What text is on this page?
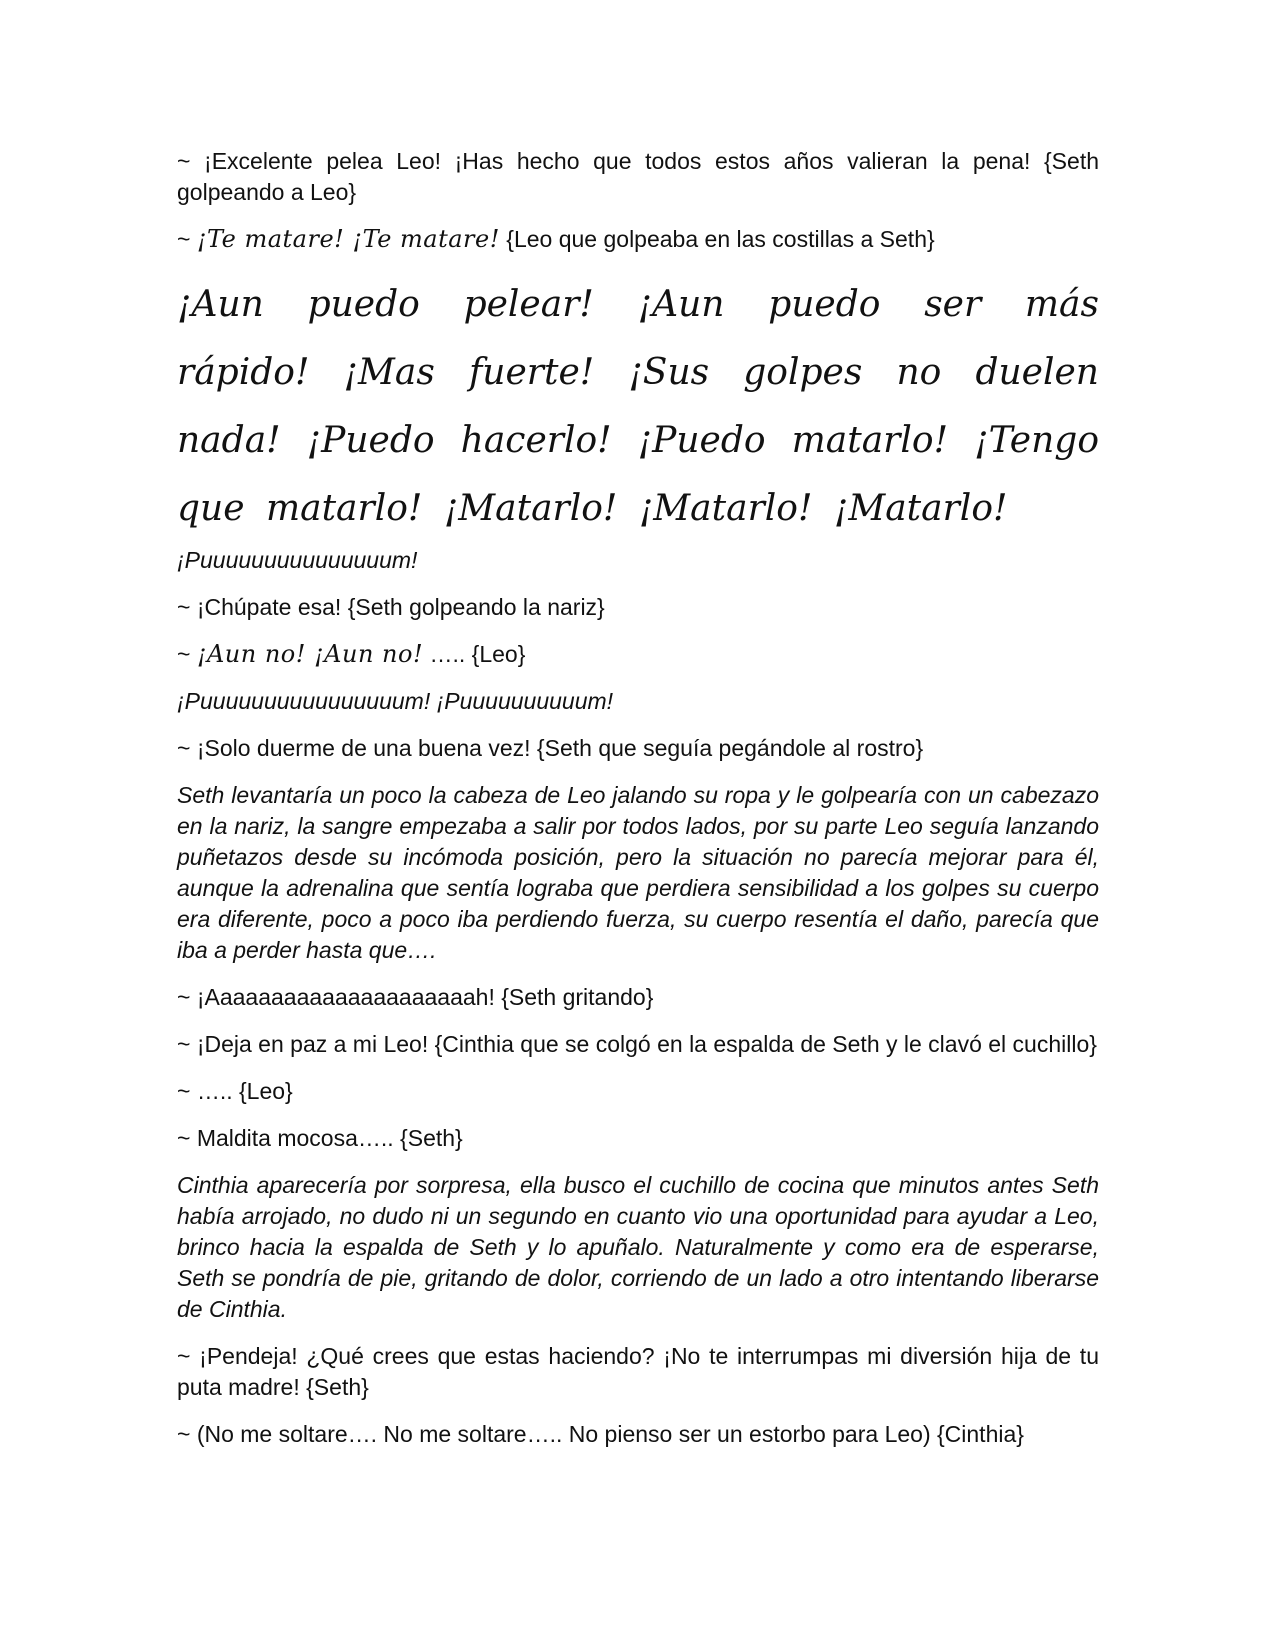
~ ¡Excelente pelea Leo! ¡Has hecho que todos estos años valieran la pena! {Seth golpeando a Leo}

~ ¡Te matare! ¡Te matare! {Leo que golpeaba en las costillas a Seth}

¡Aun puedo pelear! ¡Aun puedo ser más rápido! ¡Mas fuerte! ¡Sus golpes no duelen nada! ¡Puedo hacerlo! ¡Puedo matarlo! ¡Tengo que matarlo! ¡Matarlo! ¡Matarlo! ¡Matarlo!

¡Puuuuuuuuuuuuuuum!

~ ¡Chúpate esa! {Seth golpeando la nariz}

~ ¡Aun no! ¡Aun no! ….. {Leo}

¡Puuuuuuuuuuuuuuuum! ¡Puuuuuuuuuum!

~ ¡Solo duerme de una buena vez! {Seth que seguía pegándole al rostro}

Seth levantaría un poco la cabeza de Leo jalando su ropa y le golpearía con un cabezazo en la nariz, la sangre empezaba a salir por todos lados, por su parte Leo seguía lanzando puñetazos desde su incómoda posición, pero la situación no parecía mejorar para él, aunque la adrenalina que sentía lograba que perdiera sensibilidad a los golpes su cuerpo era diferente, poco a poco iba perdiendo fuerza, su cuerpo resentía el daño, parecía que iba a perder hasta que….

~ ¡Aaaaaaaaaaaaaaaaaaaaah! {Seth gritando}

~ ¡Deja en paz a mi Leo! {Cinthia que se colgó en la espalda de Seth y le clavó el cuchillo}

~ ….. {Leo}

~ Maldita mocosa….. {Seth}

Cinthia aparecería por sorpresa, ella busco el cuchillo de cocina que minutos antes Seth había arrojado, no dudo ni un segundo en cuanto vio una oportunidad para ayudar a Leo, brinco hacia la espalda de Seth y lo apuñalo. Naturalmente y como era de esperarse, Seth se pondría de pie, gritando de dolor, corriendo de un lado a otro intentando liberarse de Cinthia.

~ ¡Pendeja! ¿Qué crees que estas haciendo? ¡No te interrumpas mi diversión hija de tu puta madre! {Seth}

~ (No me soltare…. No me soltare….. No pienso ser un estorbo para Leo) {Cinthia}
